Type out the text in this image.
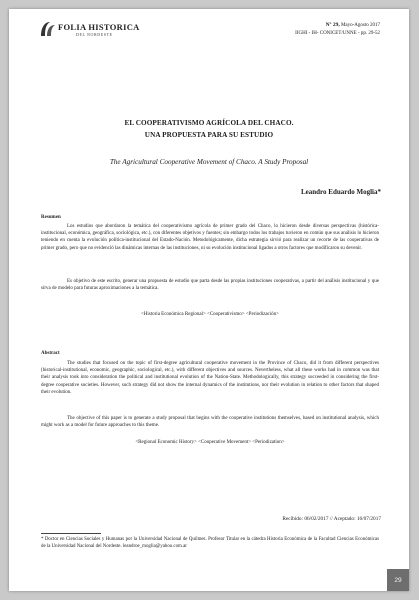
FOLIA HISTORICA
DEL NORDESTE
Nº 29, Mayo-Agosto 2017
IIGHI - IH- CONICET/UNNE - pp. 29-52
EL COOPERATIVISMO AGRÍCOLA DEL CHACO.
UNA PROPUESTA PARA SU ESTUDIO
The Agricultural Cooperative Movement of Chaco. A Study Proposal
Leandro Eduardo Moglia*
Resumen

Los estudios que abordaron la temática del cooperativismo agrícola de primer grado del Chaco, lo hicieron desde diversas perspectivas (histórica-institucional, económica, geográfica, sociológica, etc.), con diferentes objetivos y fuentes; sin embargo todos los trabajos tuvieron en común que sus análisis lo hicieron teniendo en cuenta la evolución política-institucional del Estado-Nación. Metodológicamente, dicha estrategia sirvió para realizar un recorte de las cooperativas de primer grado, pero que no evidenció las dinámicas internas de las instituciones, ni su evolución institucional ligados a otros factores que modificaron su devenir.

Es objetivo de este escrito, generar una propuesta de estudio que parta desde las propias instituciones cooperativas, a partir del análisis institucional y que sirva de modelo para futuras aproximaciones a la temática.

<Historia Económica Regional> <Cooperativismo> <Periodización>
Abstract

The studies that focused on the topic of first-degree agricultural cooperative movement in the Province of Chaco, did it from different perspectives (historical-institutional, economic, geographic, sociological, etc.), with different objectives and sources. Nevertheless, what all these works had in common was that their analysis took into consideration the political and institutional evolution of the Nation-State. Methodologically, this strategy succeeded in considering the first-degree cooperative societies. However, such strategy did not show the internal dynamics of the institutions, nor their evolution in relation to other factors that shaped their evolution.

The objective of this paper is to generate a study proposal that begins with the cooperative institutions themselves, based on institutional analysis, which might work as a model for future approaches to this theme.

<Regional Economic History> <Cooperative Movement> <Periodization>
Recibido: 06/02/2017 // Aceptado: 16/07/2017

* Doctor en Ciencias Sociales y Humanas por la Universidad Nacional de Quilmes. Profesor Titular en la cátedra Historia Económica de la Facultad Ciencias Económicas de la Universidad Nacional del Nordeste. leandroe_moglia@yahoo.com.ar

29
